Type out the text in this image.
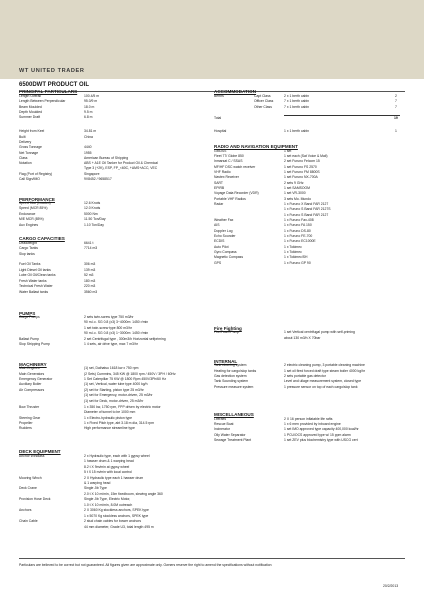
WT UNITED TRADER
6500DWT PRODUCT OIL
PRINCIPAL PARTICULARS
Length Overall	100.4/5 m
Length Between Perpendicular	95.0/9 m
Beam Moulded	18.0 m
Depth Moulded	9.5 m
Summer Draft	6.8 m
Height from Keel	34.81 m
Built	China
Delivery
Gross Tonnage	4440
Net Tonnage	1955
Class	American Bureau of Shipping
Notation	ABS + A1E Oil Tanker for Product Oil & Chemical
Type 3 (+2K), ESP, FP_<60C, +AMS+ACC, VEC
Flag (Port of Registry)	Singapore
Call Sign/IMO	9V8452 / 9658517
PERFORMANCE
Speed Max (Loaded)	12.6 Knots
Speed (MCR 85%)	12.0 Knots
Endurance	5000 Nm
M/E MCR (85%)	11.50 Ton/Day
Aux Engines	1.10 Ton/Day
CARGO CAPACITIES
Deadweight	6641 t
Cargo Tanks	7714 m3
Slop tanks
Fuel Oil Tanks	306 m3
Light Diesel Oil tanks	139 m3
Lube Oil Oil/Clean tanks	52 m3
Fresh Water tanks	180 m3
Technical Fresh Water	220 m3
Water Ballast tanks	3560 m3
PUMPS
Cargo Pumps	2 sets twin-screw type 750 m3/hr
90 m.l.c. SG 0.8 (x3) 3~4000m: 1450 r/min
1 set twin-screw type 800 m3/hr
90 m.l.c. SG 0.8 (x3) 1~3000m: 1450 r/min
Ballast Pump	2 set Centrifugal type , 300m3/h Horizontal selfpriming
Slop Stripping Pump	1 4 sets, air drive type, max 7 m3/hr
MACHINERY
Main Engines	(1) set, Daihatsu 1618 kw x 750 rpm
Main Generators	(2 Sets) Cummins, 345 KW @ 1800 rpm / 450V / 3PH / 60Hz
Emergency Generator	1 Set Caterpillar 75 KW @ 1800 Rpm 450V/3Ph/60 Hz
Auxiliary Boiler	(1) set, Vertical, water tube type 4000 kg/h
Air Compressors	(2) set for Starting, piston type 25 m3/hr
(1) set for Emergency, motor-driven, 25 m3/hr
(1) set for Deck, motor-driven, 25 m3/hr
Bow Thruster	1 x 350 kw, 1750 rpm, FPP driven by electric motor
Diameter of tunnel to be 1000 mm
Steering Gear	1 x Electro-hydraulic piston type
Propeller	1 x Fixed Pitch type, abt 3.18 m dia, 314.5 rpm
Rudders	High performance streamline type
DECK EQUIPMENT
Anchor Windlass	2 x Hydraulic type, each with 1 gypsy wheel
1 hawser drum & 1 warping head
8.2 t X 9m/min at gypsy wheel
5 t X 15 m/min with local control
Mooring Winch	2 X Hydraulic type each 1 hawser drum
& 1 warping head
Deck Crane	Single Jib Type
2.0 t X 10 m/min, 15m fixedboom, slewing angle 360
Provision Hose Deck	Single Jib Type, Electric Motor,
1.0 t X 10 m/min, 8.0M outreach
Anchors	2 X 3060 Kg stockless anchors, SPEK type
1 x 5070 Kg stockless anchors, SPEK type
Chain Cable	2 stud chain cables for bower anchors
44 mm diameter, Grade U3, total length 495 m
RADIO AND NAVIGATION EQUIPMENT
GMDSS	1 set
Fleet 77/ Globe 850	1 set each (Sat Voice & Mail)
Inmarsat C / SSAS	2 set Furuno Felcom 15
MF/HF DSC watch receiver	1 set Furuno FS 2570
VHF Radio	1 set Furuno FM 8800S
Navtex Receiver	1 set Furuno NX-700A
SART	2 sets 9 GHz
EPIRB	1 set SAMSOOM
Voyage Data Recorder (VDR)	1 set VR-3000
Portable VHF Radios	3 sets Mo. Mundo
Radar	1 x Furuno X Band FAR 2127
1 x Furuno S Band FAR 2127S
1 x Furuno S Band FAR 2127
Weather Fax	1 x Furuno Fax-408
AIS	1 x Furuno FA 150
Doppler Log	1 x Furuno DS-80
Echo Sounder	1 x Furuno FE-700
ECDIS	1 x Furuno EC1000E
Auto Pilot	1 x Tokimec
Gyro Compass	1 x Tokimec
Magnetic Compass	1 x Tokimec/SH
GPS	1 x Furuno GP 90
Fire Fighting
Fire/Foam Pump	1 set Vertical centrifugal pump with self-priming
about 130 m3/h X 70bar
INTERNAL
Tank cleaning system	2 electric cleaning pump, 3 portable cleaning machine
Heating for cargo/slop tanks	1 set oil fired forced draft type steam boiler 4000 kg/hr
Gas detection system	2 sets portable gas detector
Tank Sounding system	Level and ullage measurement system, closed type
Pressure measure system	1 pressure sensor on top of each cargo/slop tank
MISCELLANEOUS
Liferafts	2 X 16 person inflatable life rafts
Rescue Boat	1 x 6 men provided by inboard engine
Incinerator	1 set IMO approved type capacity 400,000 kcal/hr
Oily Water Separator	1 PCU/OCS approved type w/ 15 ppm alarm
Sewage Treatment Plant	1 set ZEV plus biochemistry type with USCG cert
ACCOMMODATION
Berths	Capt Class	2 x 1 berth cabin	2
Officer Class	7 x 1 berth cabin	7
Other Class	7 x 1 berth cabin	7
Total	19
Hospital	1 x 1 berth cabin	1
Particulars are believed to be correct but not guaranteed. All figures given are approximate only. Owners reserve the right to amend the specifications without notification
20/2/2013
